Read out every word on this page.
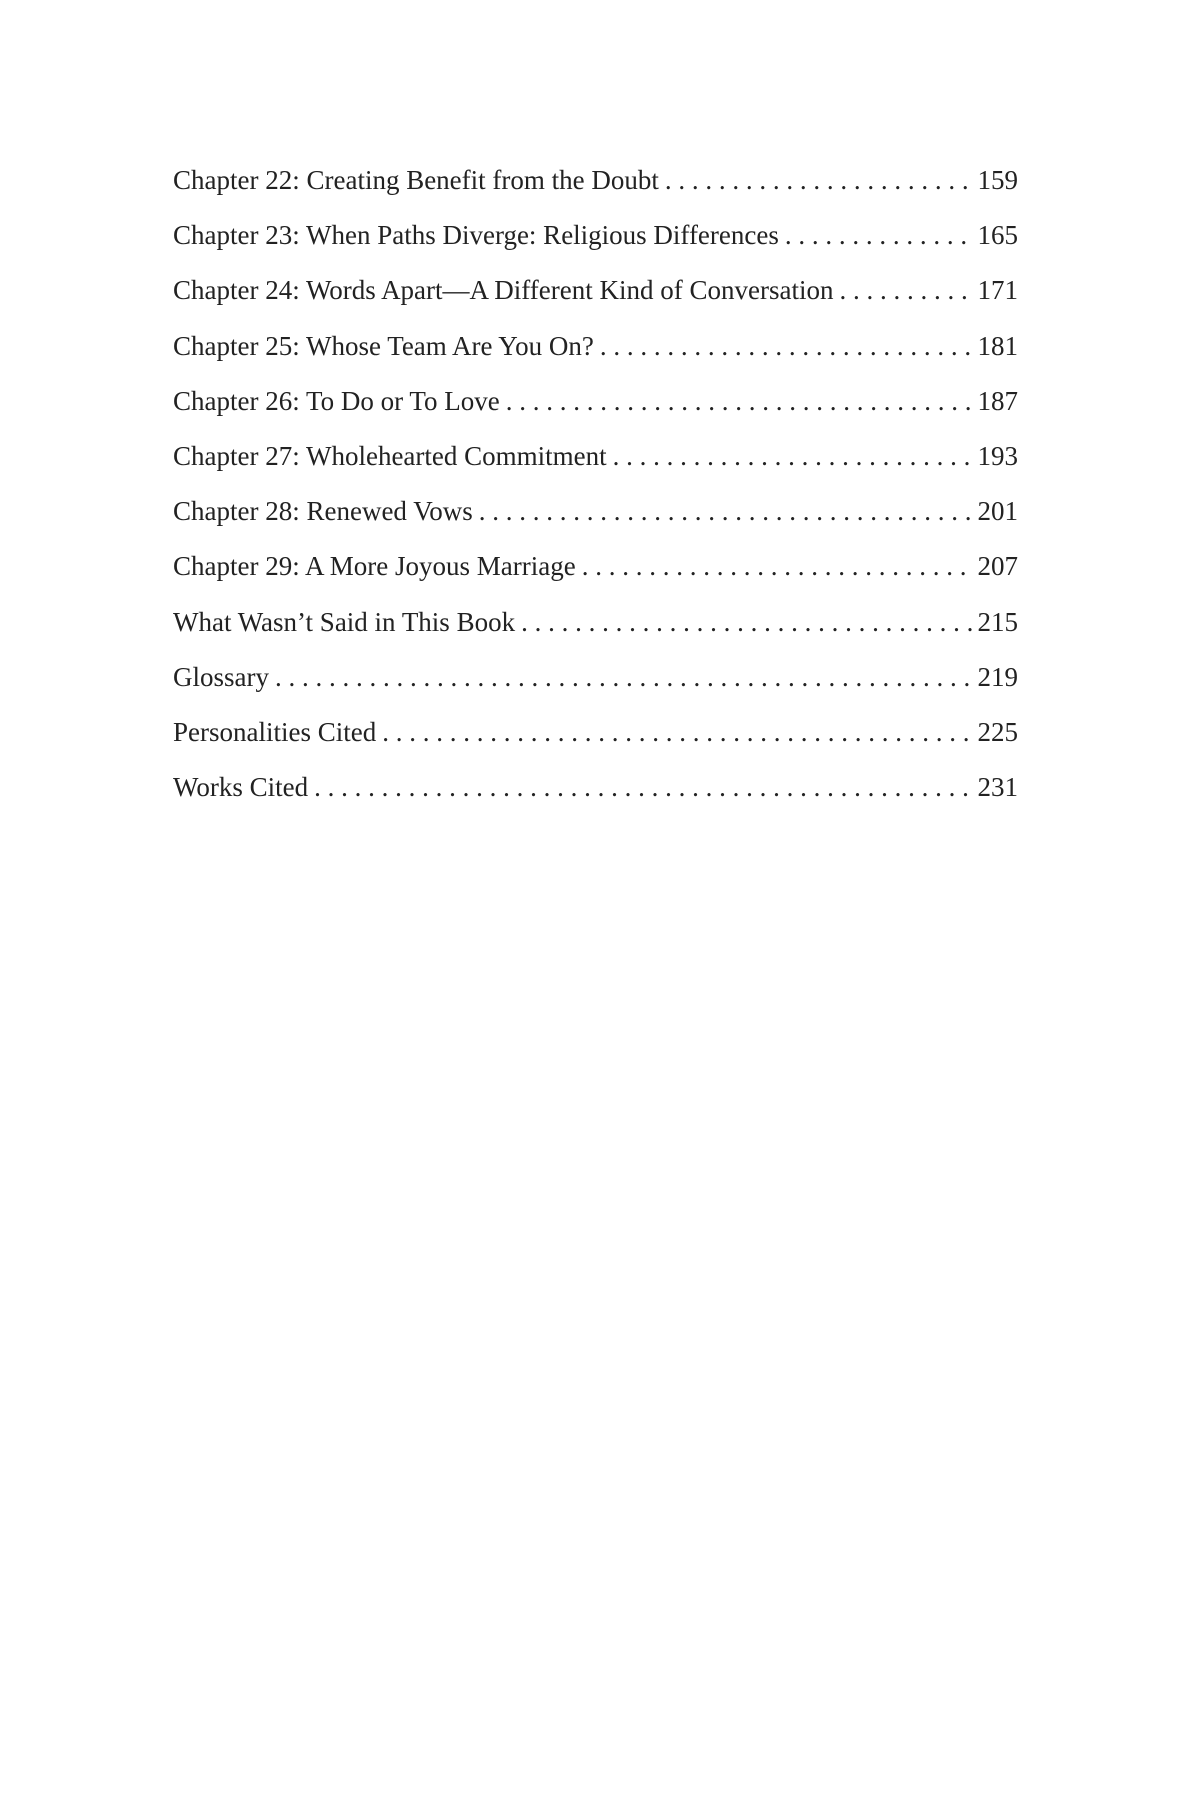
Chapter 22: Creating Benefit from the Doubt . . .	159
Chapter 23: When Paths Diverge: Religious Differences . . .	165
Chapter 24: Words Apart—A Different Kind of Conversation . . .	171
Chapter 25: Whose Team Are You On? . . .	181
Chapter 26: To Do or To Love . . .	187
Chapter 27: Wholehearted Commitment . . .	193
Chapter 28: Renewed Vows . . .	201
Chapter 29: A More Joyous Marriage . . .	207
What Wasn’t Said in This Book . . .	215
Glossary . . .	219
Personalities Cited . . .	225
Works Cited . . .	231
